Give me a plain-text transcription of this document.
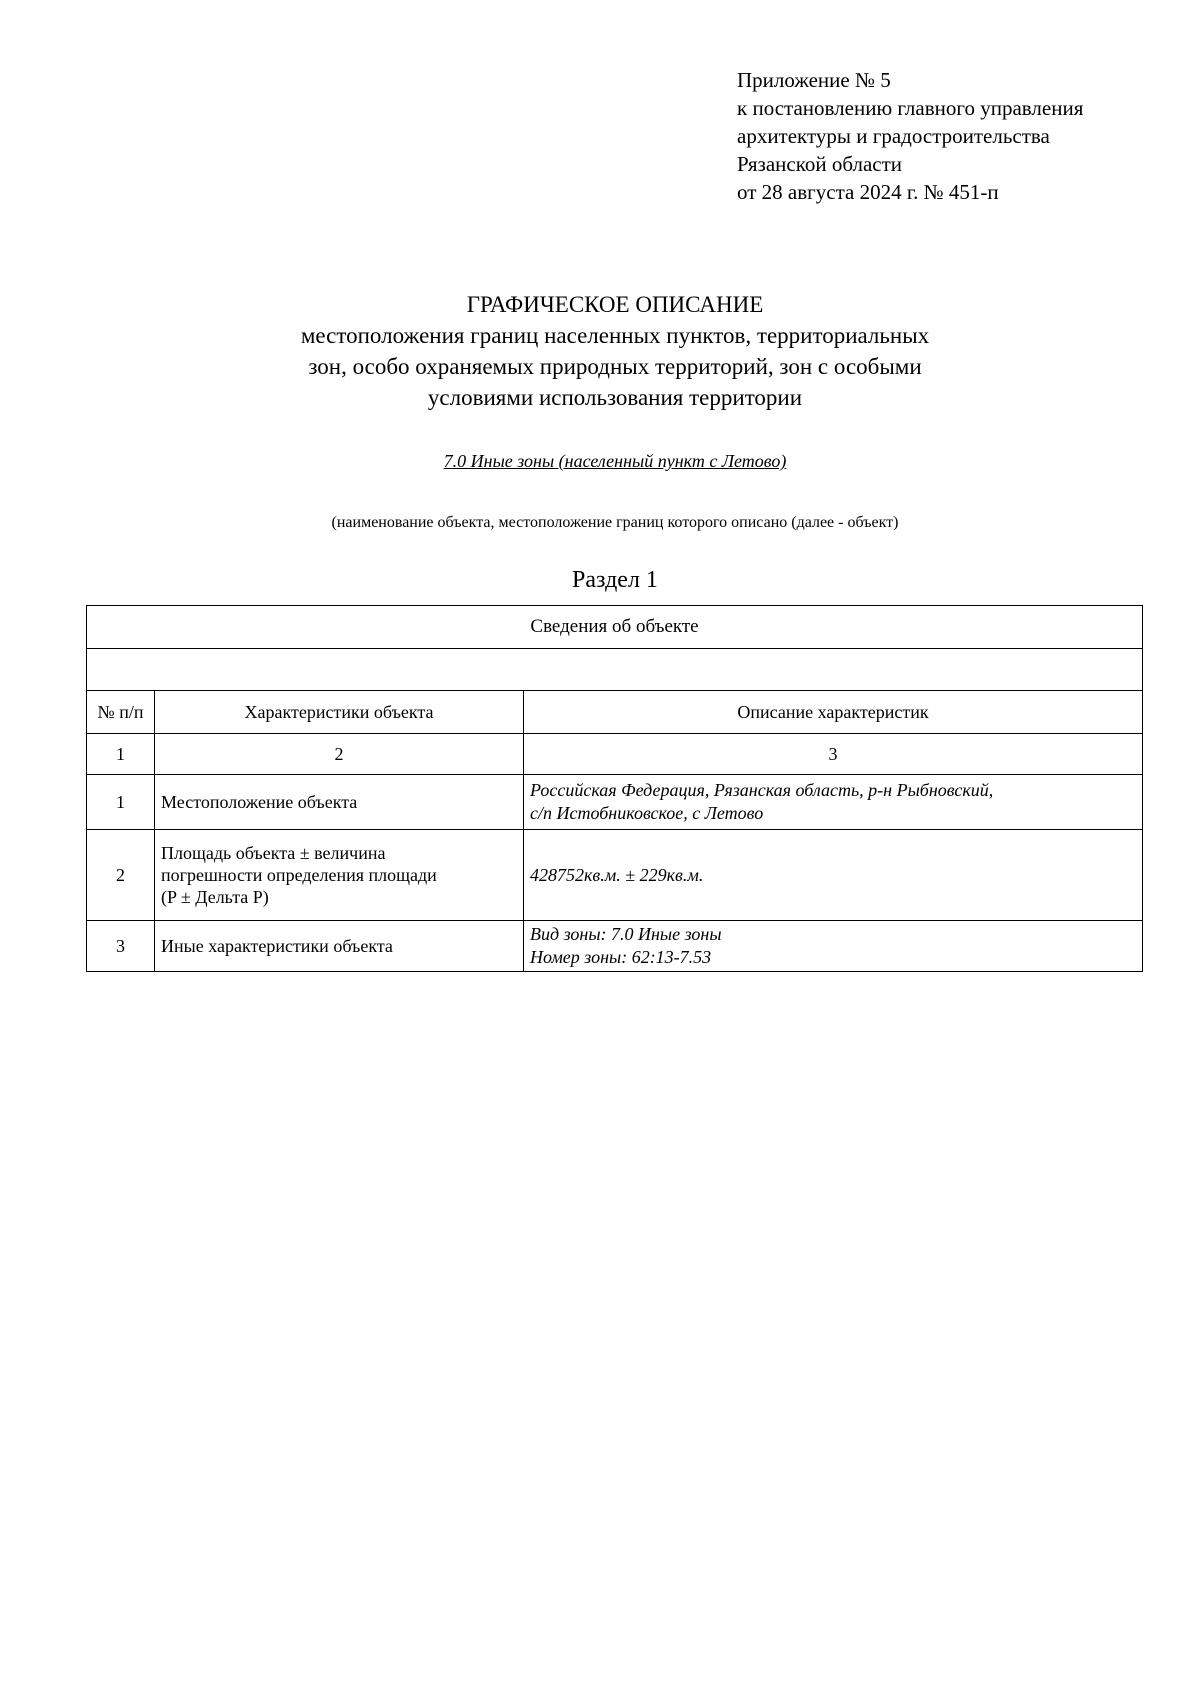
Приложение № 5
к постановлению главного управления
архитектуры и градостроительства
Рязанской области
от 28 августа 2024 г. № 451-п
ГРАФИЧЕСКОЕ ОПИСАНИЕ
местоположения границ населенных пунктов, территориальных
зон, особо охраняемых природных территорий, зон с особыми
условиями использования территории
7.0 Иные зоны (населенный пункт с Летово)
(наименование объекта, местоположение границ которого описано (далее - объект)
Раздел 1
Сведения об объекте		

№ п/п	Характеристики объекта	Описание характеристик
1	2	3
1	Местоположение объекта	Российская Федерация, Рязанская область, р-н Рыбновский,
с/п Истобниковское, с Летово

2	Площадь объекта ± величина
погрешности определения площади
(P ± Дельта P)	428752кв.м. ± 229кв.м.
3	Иные характеристики объекта	Вид зоны: 7.0 Иные зоны
Номер зоны: 62:13-7.53
